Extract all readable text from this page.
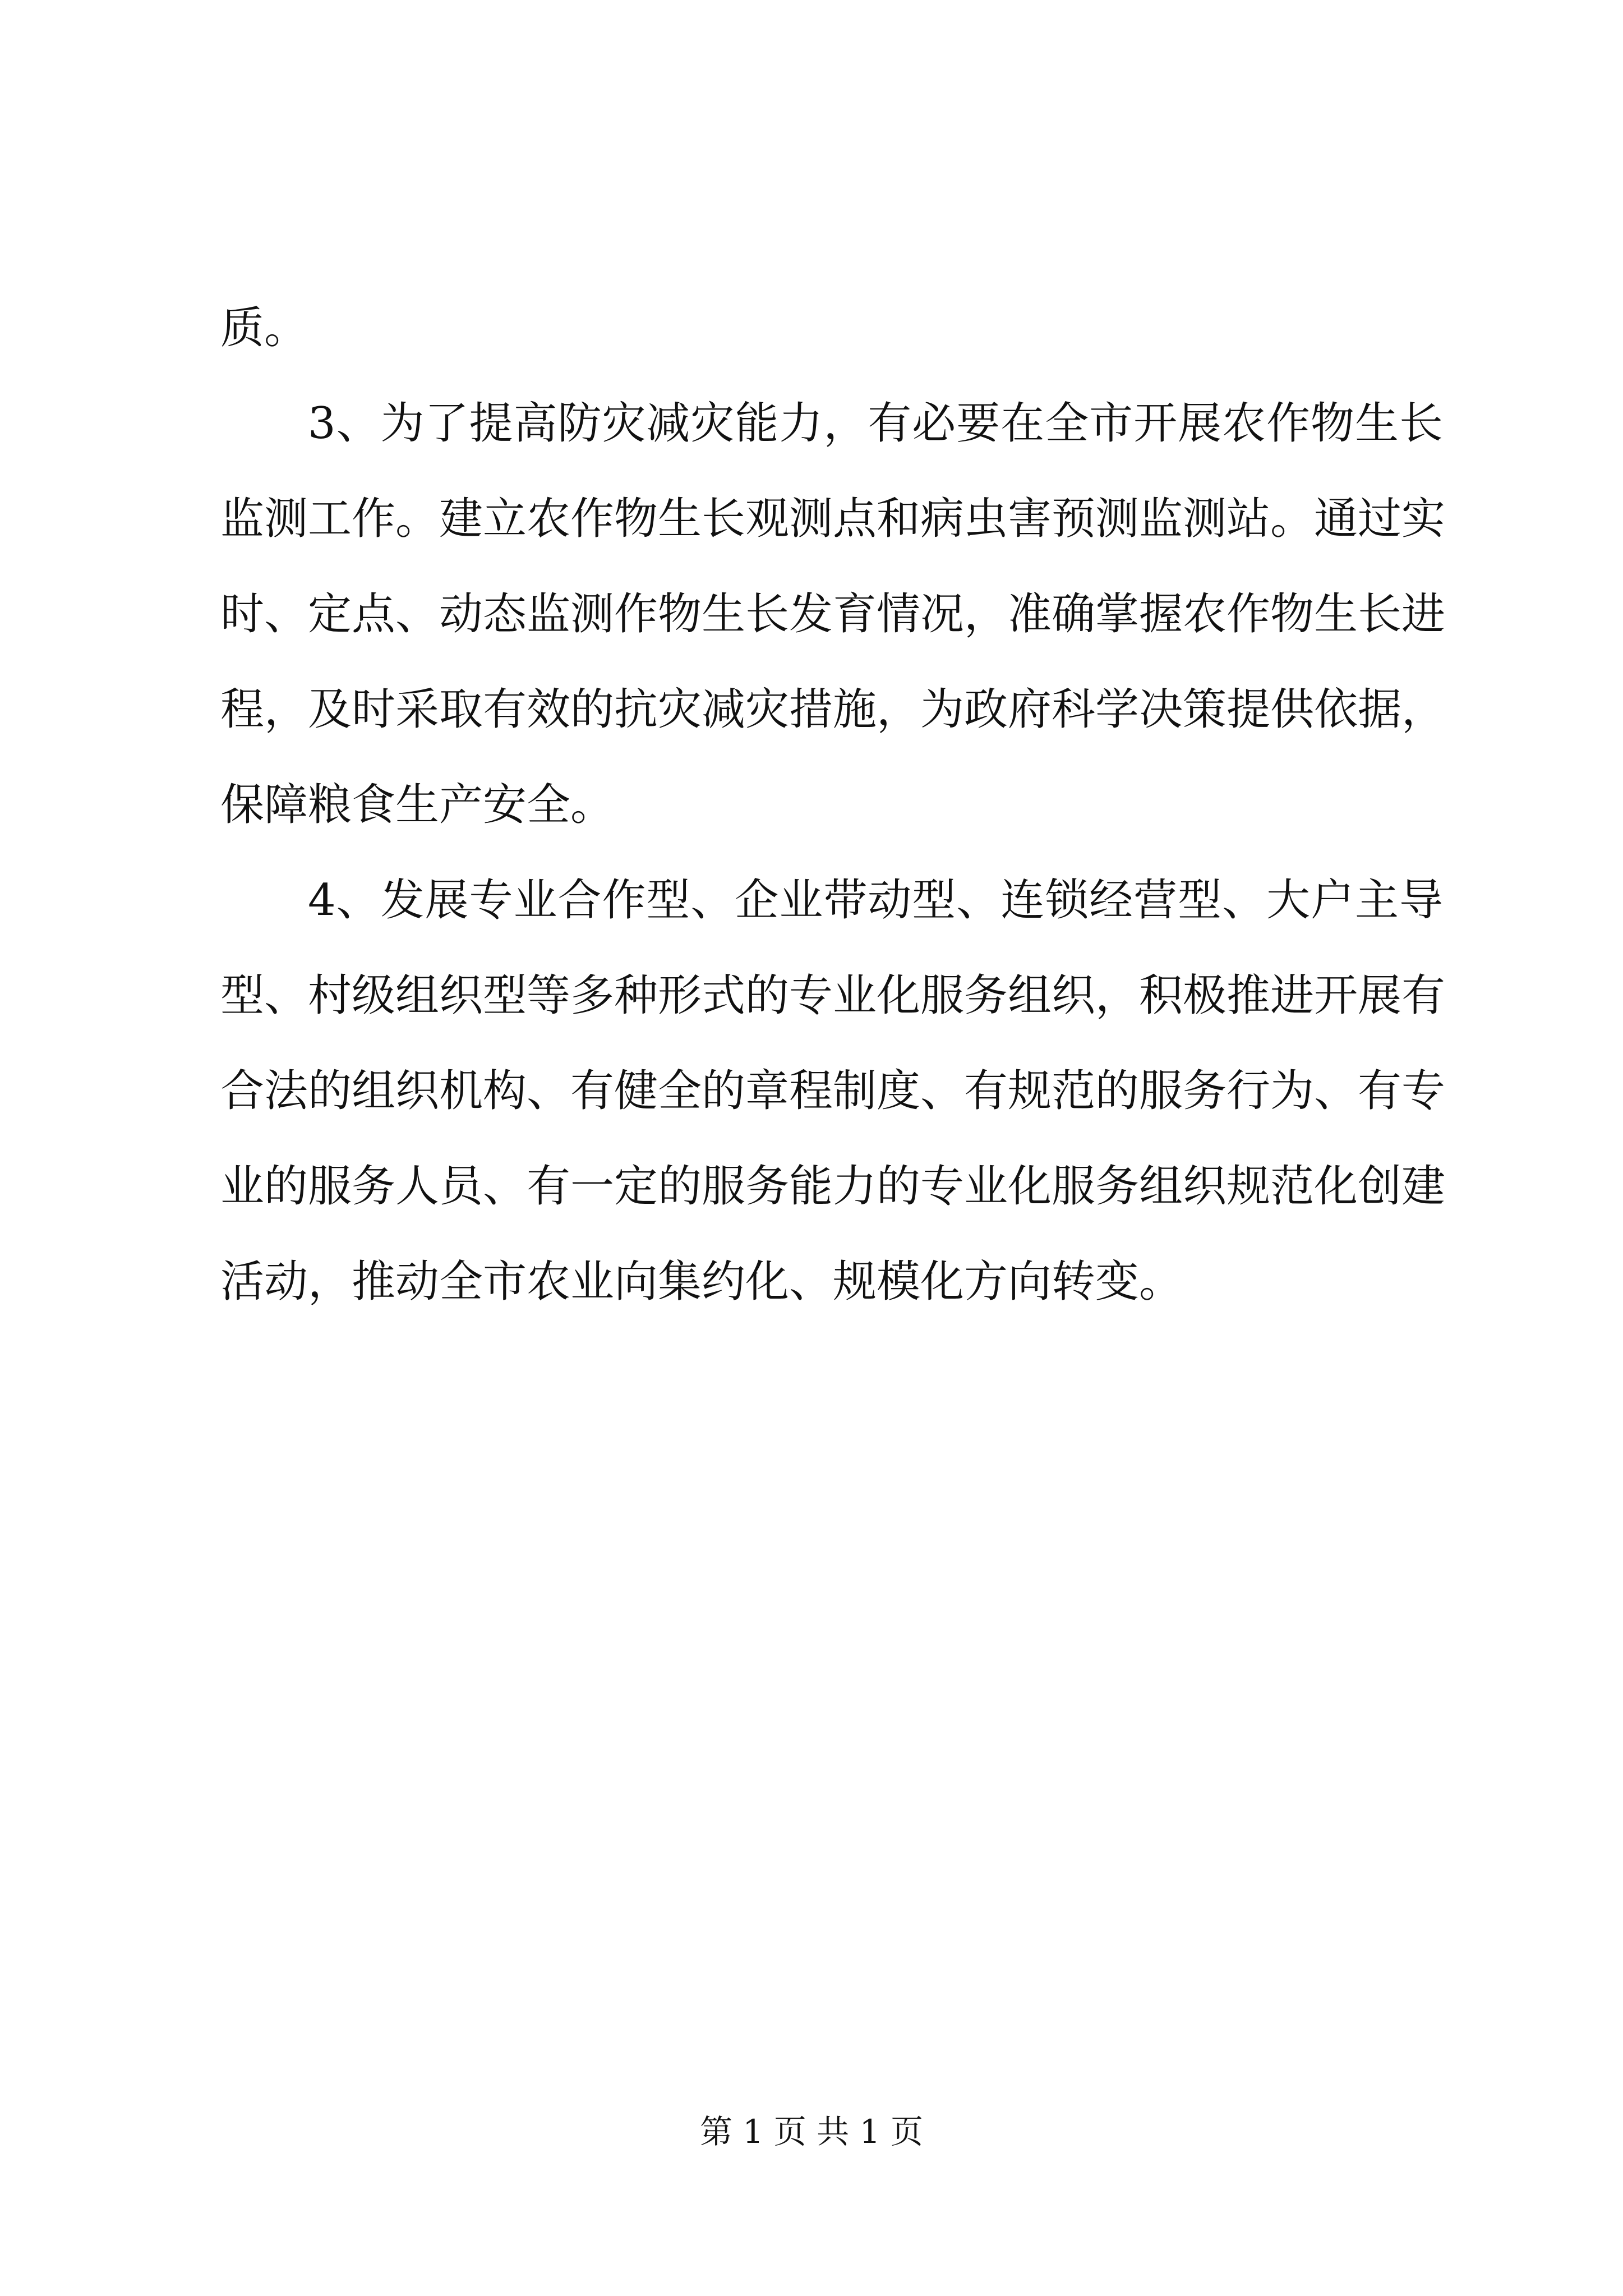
质。
3、为了提高防灾减灾能力，有必要在全市开展农作物生长
监测工作。建立农作物生长观测点和病虫害预测监测站。通过实
时、定点、动态监测作物生长发育情况，准确掌握农作物生长进
程，及时采取有效的抗灾减灾措施，为政府科学决策提供依据，
保障粮食生产安全。
4、发展专业合作型、企业带动型、连锁经营型、大户主导
型、村级组织型等多种形式的专业化服务组织，积极推进开展有
合法的组织机构、有健全的章程制度、有规范的服务行为、有专
业的服务人员、有一定的服务能力的专业化服务组织规范化创建
活动，推动全市农业向集约化、规模化方向转变。
第 1 页 共 1 页
